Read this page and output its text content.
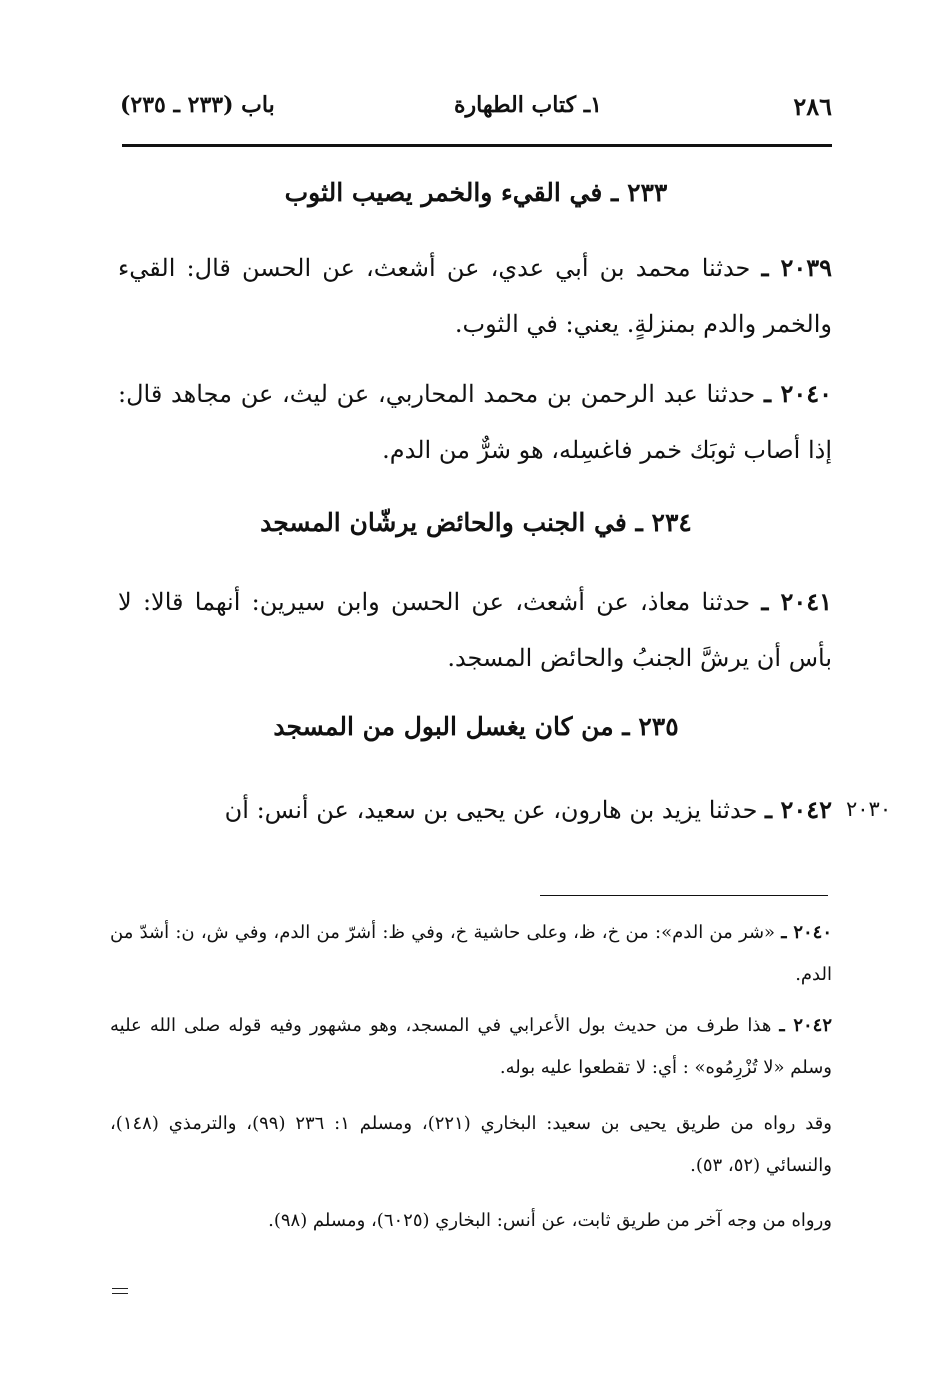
٢٨٦
١ـ كتاب الطهارة
باب (٢٣٣ ـ ٢٣٥)
٢٣٣ ـ في القيء والخمر يصيب الثوب
٢٠٣٩ ـ حدثنا محمد بن أبي عدي، عن أشعث، عن الحسن قال: القيء والخمر والدم بمنزلةٍ. يعني: في الثوب.
٢٠٤٠ ـ حدثنا عبد الرحمن بن محمد المحاربي، عن ليث، عن مجاهد قال: إذا أصاب ثوبَك خمر فاغسِله، هو شرٌّ من الدم.
٢٣٤ ـ في الجنب والحائض يرشّان المسجد
٢٠٤١ ـ حدثنا معاذ، عن أشعث، عن الحسن وابن سيرين: أنهما قالا: لا بأس أن يرشَّ الجنبُ والحائض المسجد.
٢٣٥ ـ من كان يغسل البول من المسجد
٢٠٤٢ ـ حدثنا يزيد بن هارون، عن يحيى بن سعيد، عن أنس: أن	٢٠٣٠
٢٠٤٠ ـ «شر من الدم»: من خ، ظ، وعلى حاشية خ، وفي ظ: أشرّ من الدم، وفي ش، ن: أشدّ من الدم.
٢٠٤٢ ـ هذا طرف من حديث بول الأعرابي في المسجد، وهو مشهور وفيه قوله صلى الله عليه وسلم «لا تُزْرِمُوه» : أي: لا تقطعوا عليه بوله.
وقد رواه من طريق يحيى بن سعيد: البخاري (٢٢١)، ومسلم ١: ٢٣٦ (٩٩)، والترمذي (١٤٨)، والنسائي (٥٢، ٥٣).
ورواه من وجه آخر من طريق ثابت، عن أنس: البخاري (٦٠٢٥)، ومسلم (٩٨).
